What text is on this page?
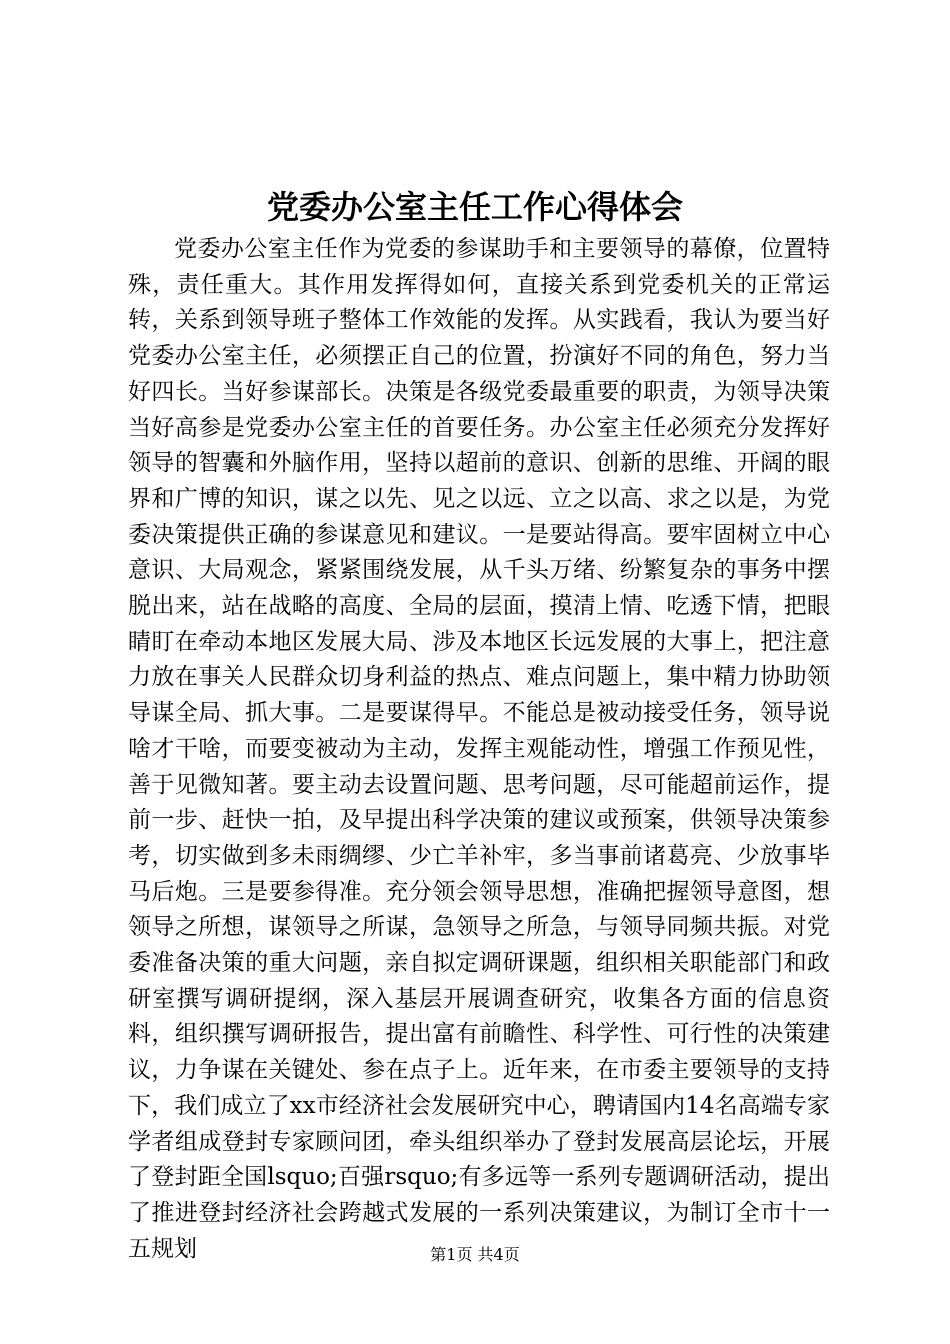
党委办公室主任工作心得体会

党委办公室主任作为党委的参谋助手和主要领导的幕僚，位置特殊，责任重大。其作用发挥得如何，直接关系到党委机关的正常运转，关系到领导班子整体工作效能的发挥。从实践看，我认为要当好党委办公室主任，必须摆正自己的位置，扮演好不同的角色，努力当好四长。当好参谋部长。决策是各级党委最重要的职责，为领导决策当好高参是党委办公室主任的首要任务。办公室主任必须充分发挥好领导的智囊和外脑作用，坚持以超前的意识、创新的思维、开阔的眼界和广博的知识，谋之以先、见之以远、立之以高、求之以是，为党委决策提供正确的参谋意见和建议。一是要站得高。要牢固树立中心意识、大局观念，紧紧围绕发展，从千头万绪、纷繁复杂的事务中摆脱出来，站在战略的高度、全局的层面，摸清上情、吃透下情，把眼睛盯在牵动本地区发展大局、涉及本地区长远发展的大事上，把注意力放在事关人民群众切身利益的热点、难点问题上，集中精力协助领导谋全局、抓大事。二是要谋得早。不能总是被动接受任务，领导说啥才干啥，而要变被动为主动，发挥主观能动性，增强工作预见性，善于见微知著。要主动去设置问题、思考问题，尽可能超前运作，提前一步、赶快一拍，及早提出科学决策的建议或预案，供领导决策参考，切实做到多未雨绸缪、少亡羊补牢，多当事前诸葛亮、少放事毕马后炮。三是要参得准。充分领会领导思想，准确把握领导意图，想领导之所想，谋领导之所谋，急领导之所急，与领导同频共振。对党委准备决策的重大问题，亲自拟定调研课题，组织相关职能部门和政研室撰写调研提纲，深入基层开展调查研究，收集各方面的信息资料，组织撰写调研报告，提出富有前瞻性、科学性、可行性的决策建议，力争谋在关键处、参在点子上。近年来，在市委主要领导的支持下，我们成立了xx市经济社会发展研究中心，聘请国内14名高端专家学者组成登封专家顾问团，牵头组织举办了登封发展高层论坛，开展了登封距全国lsquo;百强rsquo;有多远等一系列专题调研活动，提出了推进登封经济社会跨越式发展的一系列决策建议，为制订全市十一五规划	第1页 共4页
